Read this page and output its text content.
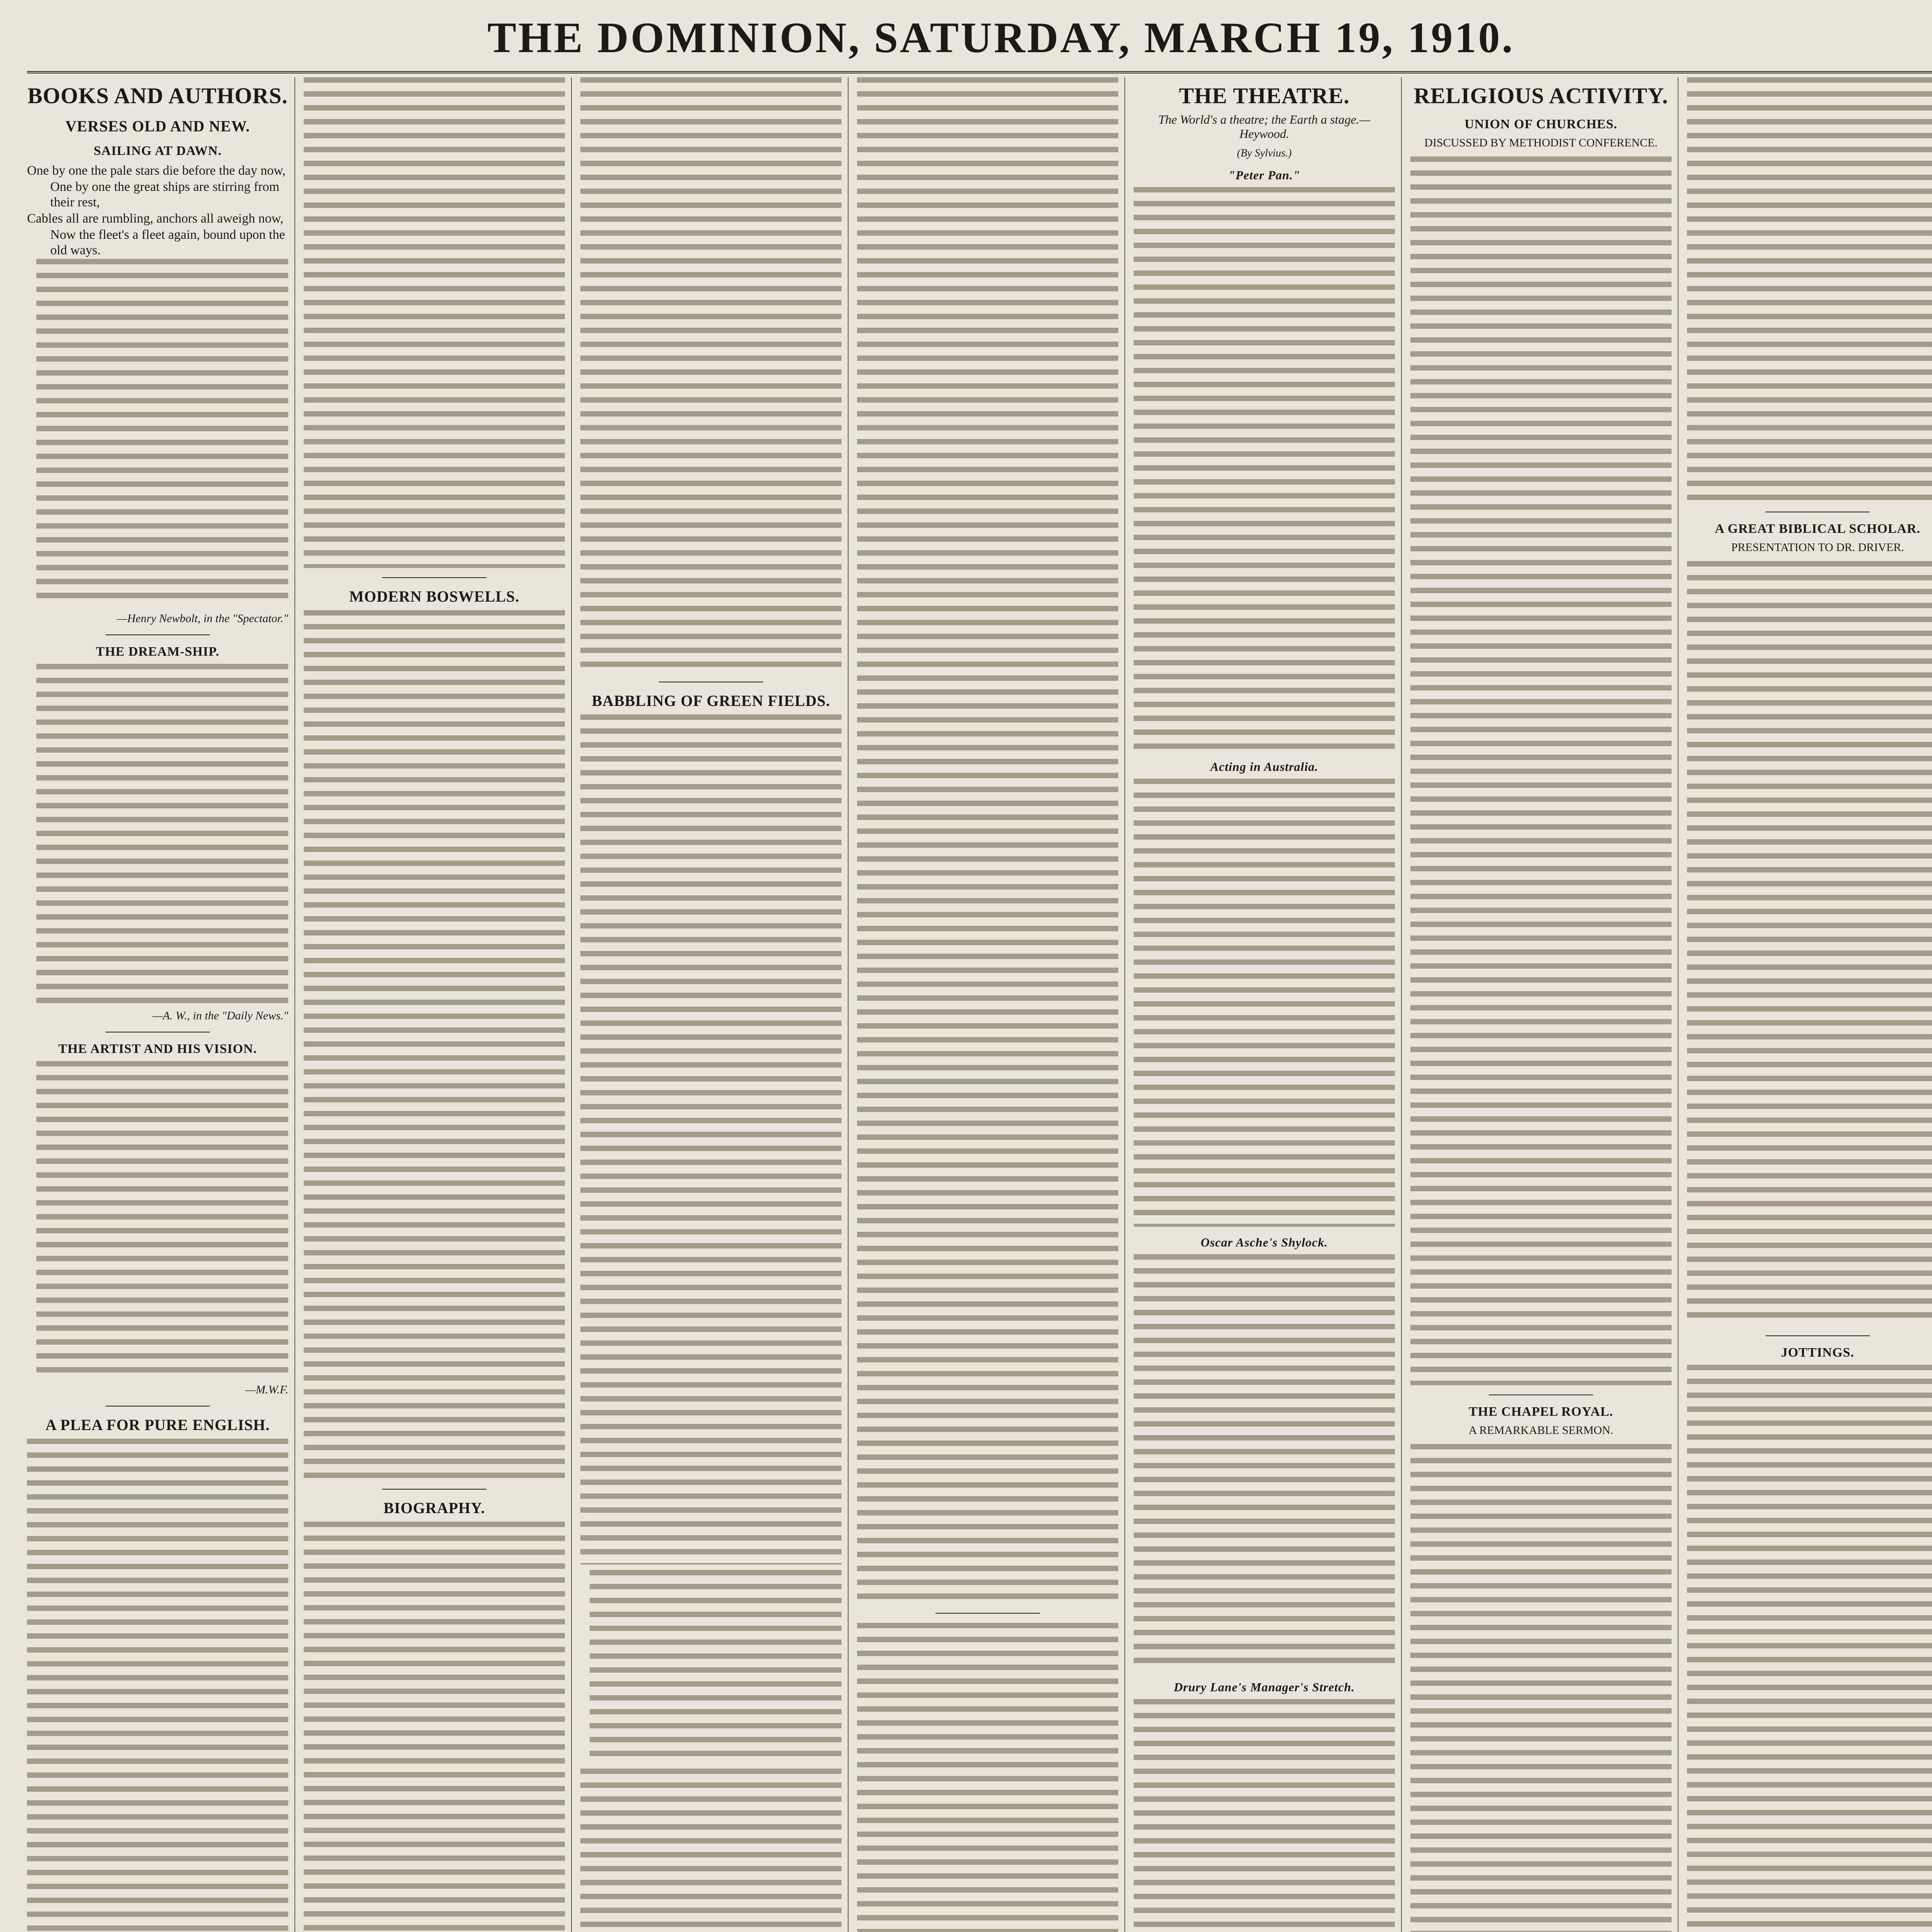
THE DOMINION, SATURDAY, MARCH 19, 1910.
BOOKS AND AUTHORS.
VERSES OLD AND NEW.
SAILING AT DAWN.
One by one the pale stars die before the day now,
One by one the great ships are stirring from their rest,
Cables all are rumbling, anchors all aweigh now,
Now the fleet's a fleet again, bound upon the old ways.
—Henry Newbolt, in the "Spectator."
THE DREAM-SHIP.
—A. W., in the "Daily News."
THE ARTIST AND HIS VISION.
—M.W.F.
A PLEA FOR PURE ENGLISH.
MODERN BOSWELLS.
BIOGRAPHY.
BABBLING OF GREEN FIELDS.
THE THEATRE.
The World's a theatre; the Earth a stage.—Heywood.
(By Sylvius.)
"Peter Pan."
Acting in Australia.
Oscar Asche's Shylock.
Drury Lane's Manager's Stretch.
RELIGIOUS ACTIVITY.
UNION OF CHURCHES.
DISCUSSED BY METHODIST CONFERENCE.
THE CHAPEL ROYAL.
A REMARKABLE SERMON.
A GREAT BIBLICAL SCHOLAR.
PRESENTATION TO DR. DRIVER.
JOTTINGS.
